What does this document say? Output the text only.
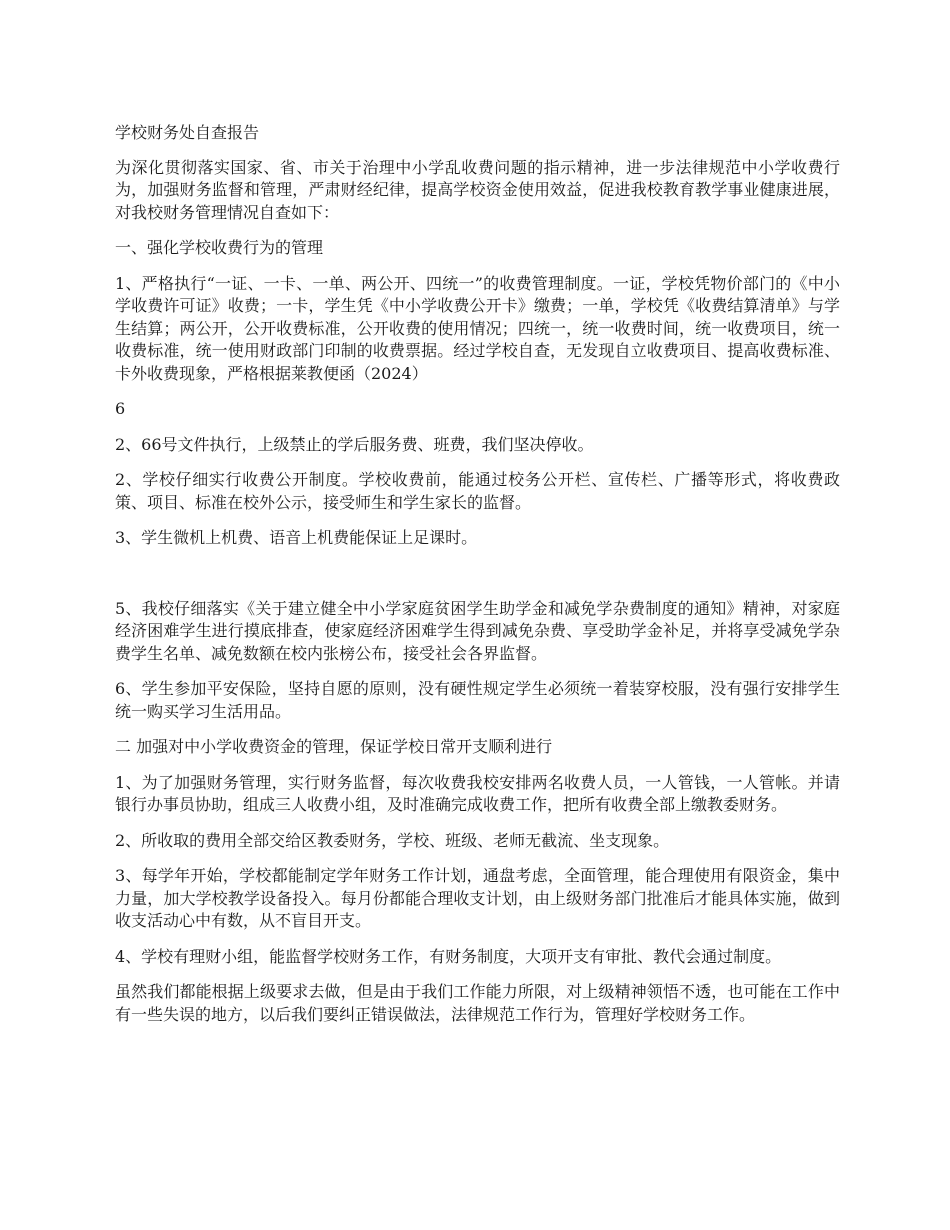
学校财务处自查报告

为深化贯彻落实国家、省、市关于治理中小学乱收费问题的指示精神，进一步法律规范中小学收费行为，加强财务监督和管理，严肃财经纪律，提高学校资金使用效益，促进我校教育教学事业健康进展，对我校财务管理情况自查如下：

一、强化学校收费行为的管理

1、严格执行“一证、一卡、一单、两公开、四统一”的收费管理制度。一证，学校凭物价部门的《中小学收费许可证》收费；一卡，学生凭《中小学收费公开卡》缴费；一单，学校凭《收费结算清单》与学生结算；两公开，公开收费标准，公开收费的使用情况；四统一，统一收费时间，统一收费项目，统一收费标准，统一使用财政部门印制的收费票据。经过学校自查，无发现自立收费项目、提高收费标准、卡外收费现象，严格根据莱教便函（2024）

6

2、66号文件执行，上级禁止的学后服务费、班费，我们坚决停收。

2、学校仔细实行收费公开制度。学校收费前，能通过校务公开栏、宣传栏、广播等形式，将收费政策、项目、标准在校外公示，接受师生和学生家长的监督。

3、学生微机上机费、语音上机费能保证上足课时。

5、我校仔细落实《关于建立健全中小学家庭贫困学生助学金和减免学杂费制度的通知》精神，对家庭经济困难学生进行摸底排查，使家庭经济困难学生得到减免杂费、享受助学金补足，并将享受减免学杂费学生名单、减免数额在校内张榜公布，接受社会各界监督。

6、学生参加平安保险，坚持自愿的原则，没有硬性规定学生必须统一着装穿校服，没有强行安排学生统一购买学习生活用品。

二 加强对中小学收费资金的管理，保证学校日常开支顺利进行

1、为了加强财务管理，实行财务监督，每次收费我校安排两名收费人员，一人管钱，一人管帐。并请银行办事员协助，组成三人收费小组，及时准确完成收费工作，把所有收费全部上缴教委财务。

2、所收取的费用全部交给区教委财务，学校、班级、老师无截流、坐支现象。

3、每学年开始，学校都能制定学年财务工作计划，通盘考虑，全面管理，能合理使用有限资金，集中力量，加大学校教学设备投入。每月份都能合理收支计划，由上级财务部门批准后才能具体实施，做到收支活动心中有数，从不盲目开支。

4、学校有理财小组，能监督学校财务工作，有财务制度，大项开支有审批、教代会通过制度。

虽然我们都能根据上级要求去做，但是由于我们工作能力所限，对上级精神领悟不透，也可能在工作中有一些失误的地方，以后我们要纠正错误做法，法律规范工作行为，管理好学校财务工作。
